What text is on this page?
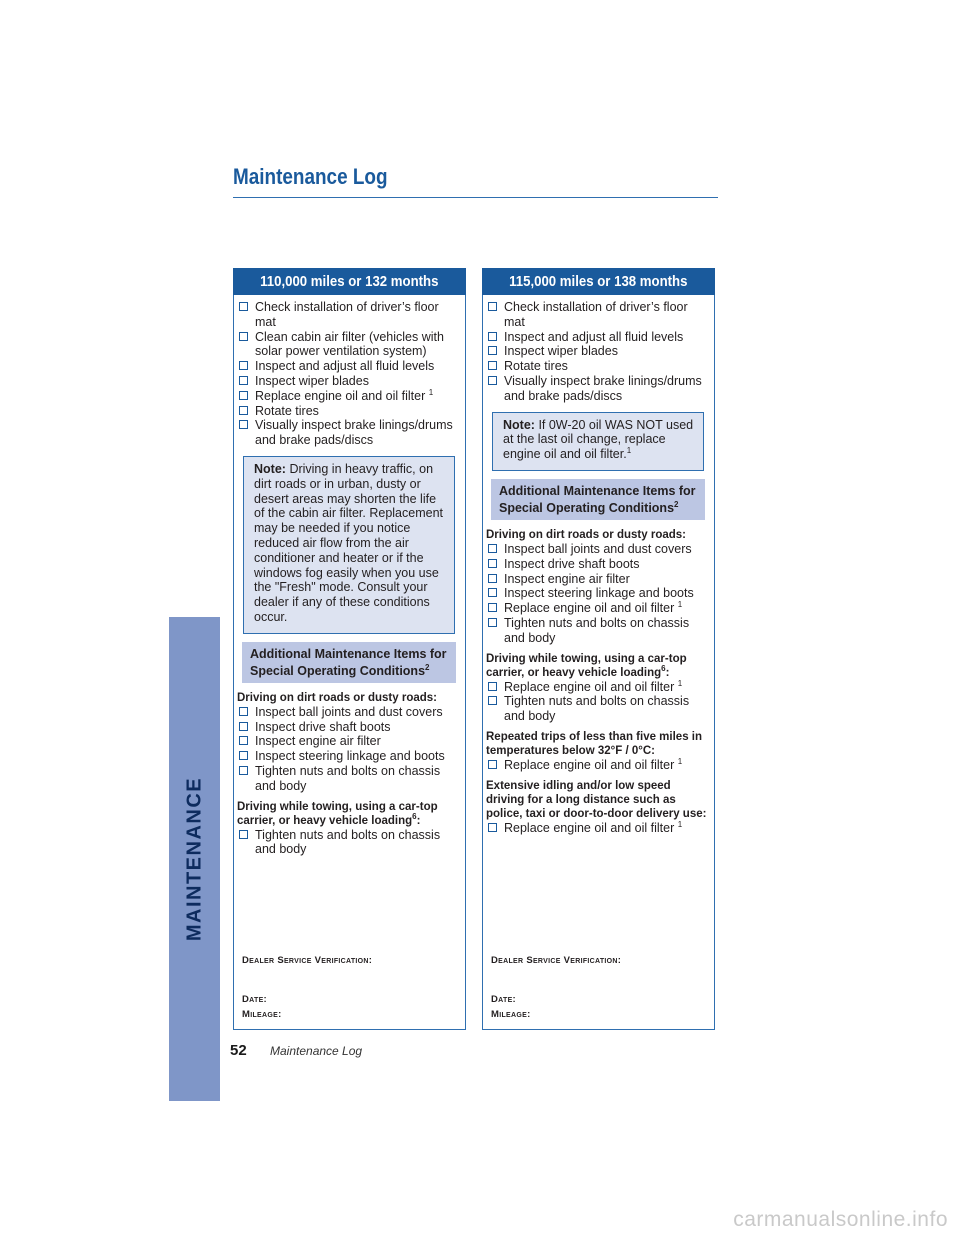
Maintenance Log
MAINTENANCE
110,000 miles or 132 months
Check installation of driver’s floor mat
Clean cabin air filter (vehicles with solar power ventilation system)
Inspect and adjust all fluid levels
Inspect wiper blades
Replace engine oil and oil filter $^1$
Rotate tires
Visually inspect brake linings/drums and brake pads/discs
Note: Driving in heavy traffic, on dirt roads or in urban, dusty or desert areas may shorten the life of the cabin air filter. Replacement may be needed if you notice reduced air flow from the air conditioner and heater or if the windows fog easily when you use the "Fresh" mode. Consult your dealer if any of these conditions occur.
Additional Maintenance Items for Special Operating Conditions$^2$
Driving on dirt roads or dusty roads:
Inspect ball joints and dust covers
Inspect drive shaft boots
Inspect engine air filter
Inspect steering linkage and boots
Tighten nuts and bolts on chassis and body
Driving while towing, using a car-top carrier, or heavy vehicle loading$^6$:
Tighten nuts and bolts on chassis and body
Dealer Service Verification:
Date:
Mileage:
115,000 miles or 138 months
Check installation of driver’s floor mat
Inspect and adjust all fluid levels
Inspect wiper blades
Rotate tires
Visually inspect brake linings/drums and brake pads/discs
Note: If 0W-20 oil WAS NOT used at the last oil change, replace engine oil and oil filter.$^1$
Additional Maintenance Items for Special Operating Conditions$^2$
Driving on dirt roads or dusty roads:
Inspect ball joints and dust covers
Inspect drive shaft boots
Inspect engine air filter
Inspect steering linkage and boots
Replace engine oil and oil filter $^1$
Tighten nuts and bolts on chassis and body
Driving while towing, using a car-top carrier, or heavy vehicle loading$^6$:
Replace engine oil and oil filter $^1$
Tighten nuts and bolts on chassis and body
Repeated trips of less than five miles in temperatures below 32°F / 0°C:
Replace engine oil and oil filter $^1$
Extensive idling and/or low speed driving for a long distance such as police, taxi or door-to-door delivery use:
Replace engine oil and oil filter $^1$
Dealer Service Verification:
Date:
Mileage:
52 Maintenance Log
carmanualsonline.info
